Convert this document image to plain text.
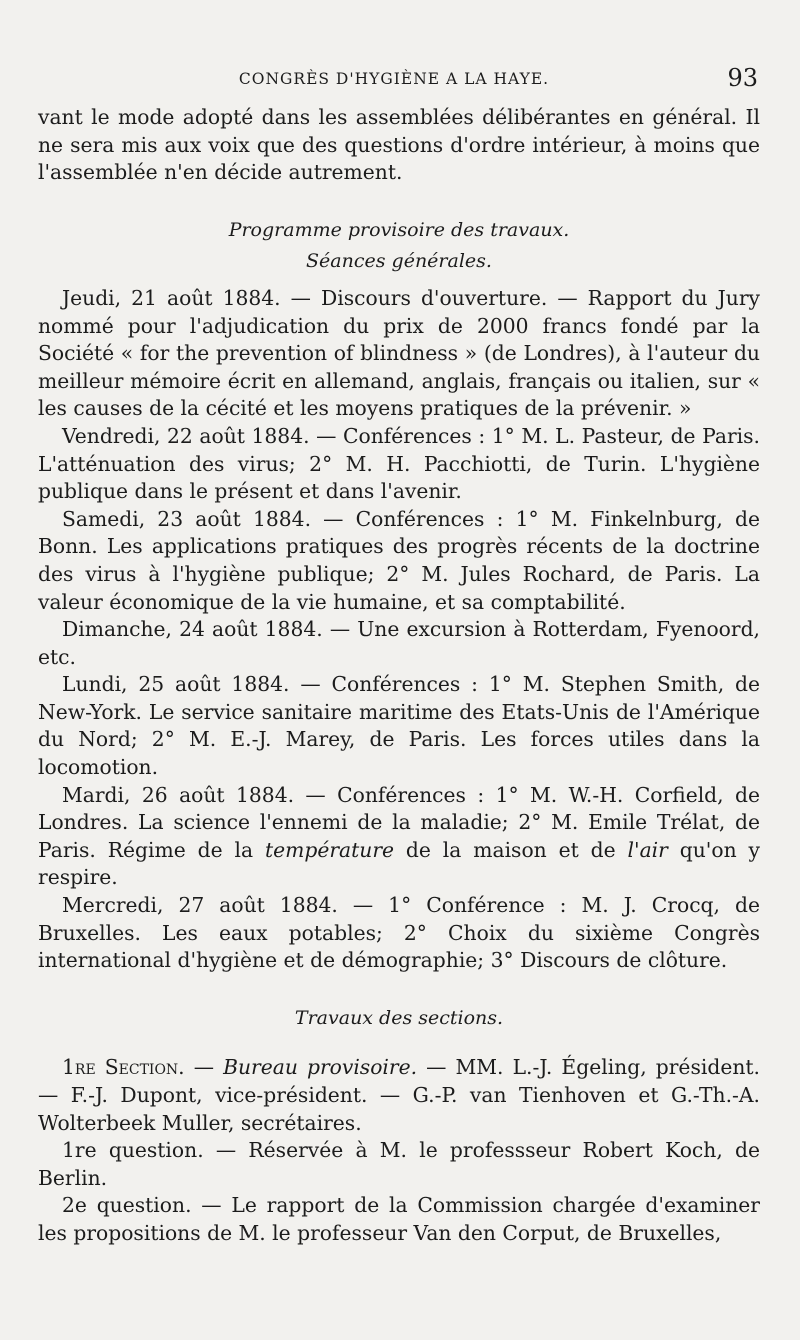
CONGRÈS D'HYGIÈNE A LA HAYE.	93

vant le mode adopté dans les assemblées délibérantes en général. Il ne sera mis aux voix que des questions d'ordre intérieur, à moins que l'assemblée n'en décide autrement.

Programme provisoire des travaux.

Séances générales.

Jeudi, 21 août 1884. — Discours d'ouverture. — Rapport du Jury nommé pour l'adjudication du prix de 2000 francs fondé par la Société « for the prevention of blindness » (de Londres), à l'auteur du meilleur mémoire écrit en allemand, anglais, français ou italien, sur « les causes de la cécité et les moyens pratiques de la prévenir. »

Vendredi, 22 août 1884. — Conférences : 1° M. L. Pasteur, de Paris. L'atténuation des virus; 2° M. H. Pacchiotti, de Turin. L'hygiène publique dans le présent et dans l'avenir.

Samedi, 23 août 1884. — Conférences : 1° M. Finkelnburg, de Bonn. Les applications pratiques des progrès récents de la doctrine des virus à l'hygiène publique; 2° M. Jules Rochard, de Paris. La valeur économique de la vie humaine, et sa comptabilité.

Dimanche, 24 août 1884. — Une excursion à Rotterdam, Fyenoord, etc.

Lundi, 25 août 1884. — Conférences : 1° M. Stephen Smith, de New-York. Le service sanitaire maritime des Etats-Unis de l'Amérique du Nord; 2° M. E.-J. Marey, de Paris. Les forces utiles dans la locomotion.

Mardi, 26 août 1884. — Conférences : 1° M. W.-H. Corfield, de Londres. La science l'ennemi de la maladie; 2° M. Emile Trélat, de Paris. Régime de la température de la maison et de l'air qu'on y respire.

Mercredi, 27 août 1884. — 1° Conférence : M. J. Crocq, de Bruxelles. Les eaux potables; 2° Choix du sixième Congrès international d'hygiène et de démographie; 3° Discours de clôture.

Travaux des sections.

1re Section. — Bureau provisoire. — MM. L.-J. Égeling, président. — F.-J. Dupont, vice-président. — G.-P. van Tienhoven et G.-Th.-A. Wolterbeek Muller, secrétaires.

1re question. — Réservée à M. le professseur Robert Koch, de Berlin.

2e question. — Le rapport de la Commission chargée d'examiner les propositions de M. le professeur Van den Corput, de Bruxelles,
